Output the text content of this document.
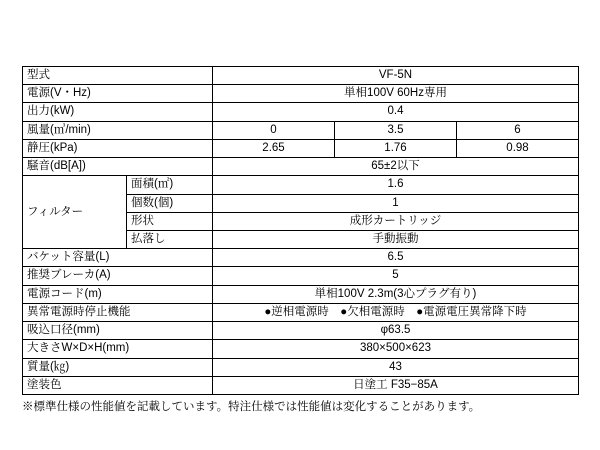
型式		VF-5N		
電源(V・Hz)		単相100V 60Hz専用		
出力(kW)		0.4		
風量(㎥/min)		0	3.5	6
静圧(kPa)		2.65	1.76	0.98
騒音(dB[A])		65±2以下		
フィルター	面積(㎡)	1.6		
	個数(個)	1		
	形状	成形カートリッジ		
	払落し	手動振動		
バケット容量(L)		6.5		
推奨ブレーカ(A)		5		
電源コード(m)		単相100V 2.3m(3心プラグ有り)		
異常電源時停止機能		●逆相電源時　●欠相電源時　●電源電圧異常降下時		
吸込口径(mm)		φ63.5		
大きさW×D×H(mm)		380×500×623		
質量(㎏)		43		
塗装色		日塗工 F35−85A		
※標準仕様の性能値を記載しています。特注仕様では性能値は変化することがあります。
